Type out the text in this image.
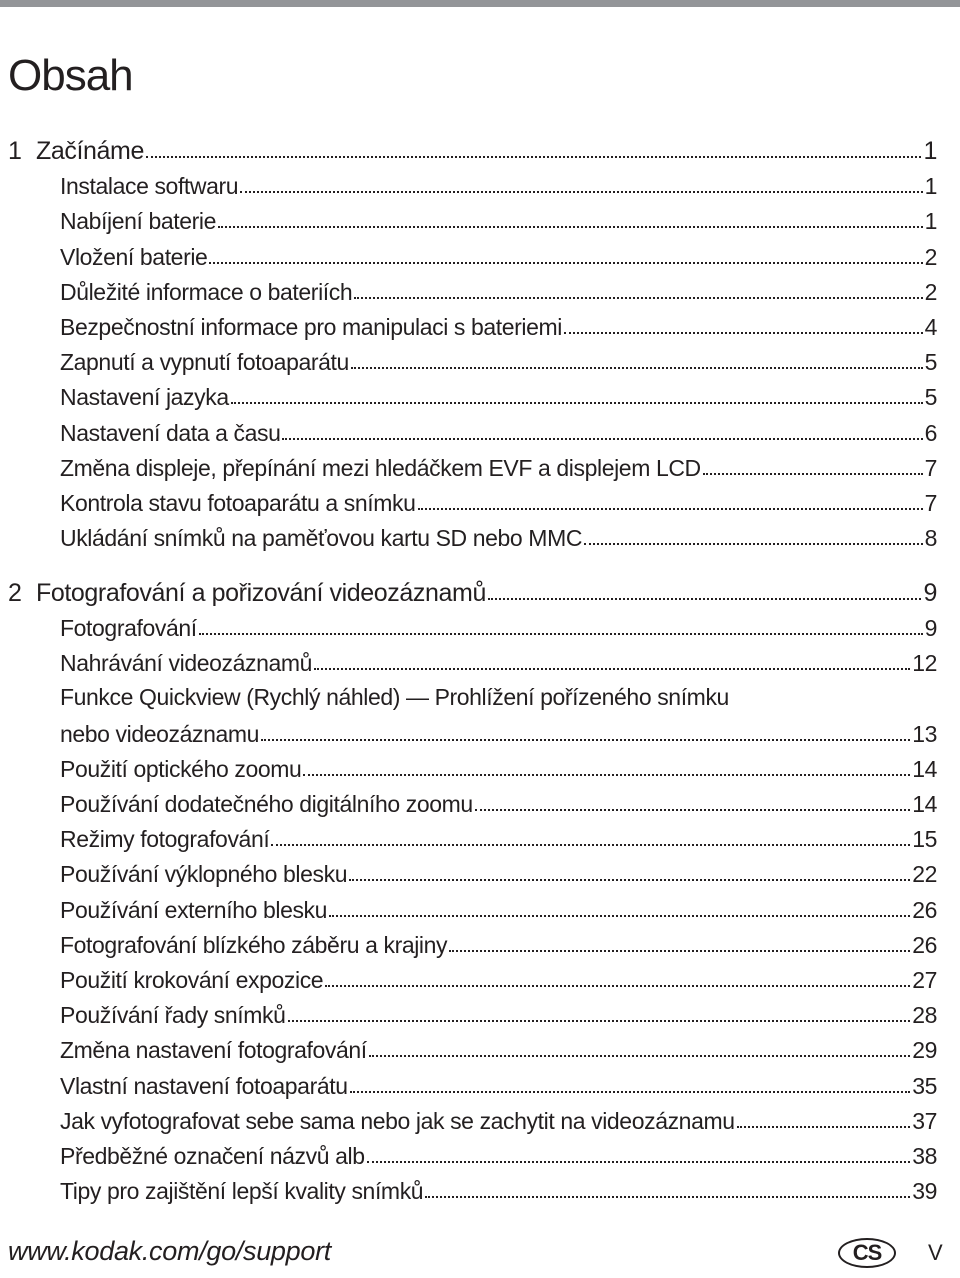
Obsah
1 Začínáme	1
Instalace softwaru	1
Nabíjení baterie	1
Vložení baterie	2
Důležité informace o bateriích	2
Bezpečnostní informace pro manipulaci s bateriemi	4
Zapnutí a vypnutí fotoaparátu	5
Nastavení jazyka	5
Nastavení data a času	6
Změna displeje, přepínání mezi hledáčkem EVF a displejem LCD	7
Kontrola stavu fotoaparátu a snímku	7
Ukládání snímků na paměťovou kartu SD nebo MMC	8
2 Fotografování a pořizování videozáznamů	9
Fotografování	9
Nahrávání videozáznamů	12
Funkce Quickview (Rychlý náhled) — Prohlížení pořízeného snímku
nebo videozáznamu	13
Použití optického zoomu	14
Používání dodatečného digitálního zoomu	14
Režimy fotografování	15
Používání výklopného blesku	22
Používání externího blesku	26
Fotografování blízkého záběru a krajiny	26
Použití krokování expozice	27
Používání řady snímků	28
Změna nastavení fotografování	29
Vlastní nastavení fotoaparátu	35
Jak vyfotografovat sebe sama nebo jak se zachytit na videozáznamu	37
Předběžné označení názvů alb	38
Tipy pro zajištění lepší kvality snímků	39
www.kodak.com/go/support	CS	V
